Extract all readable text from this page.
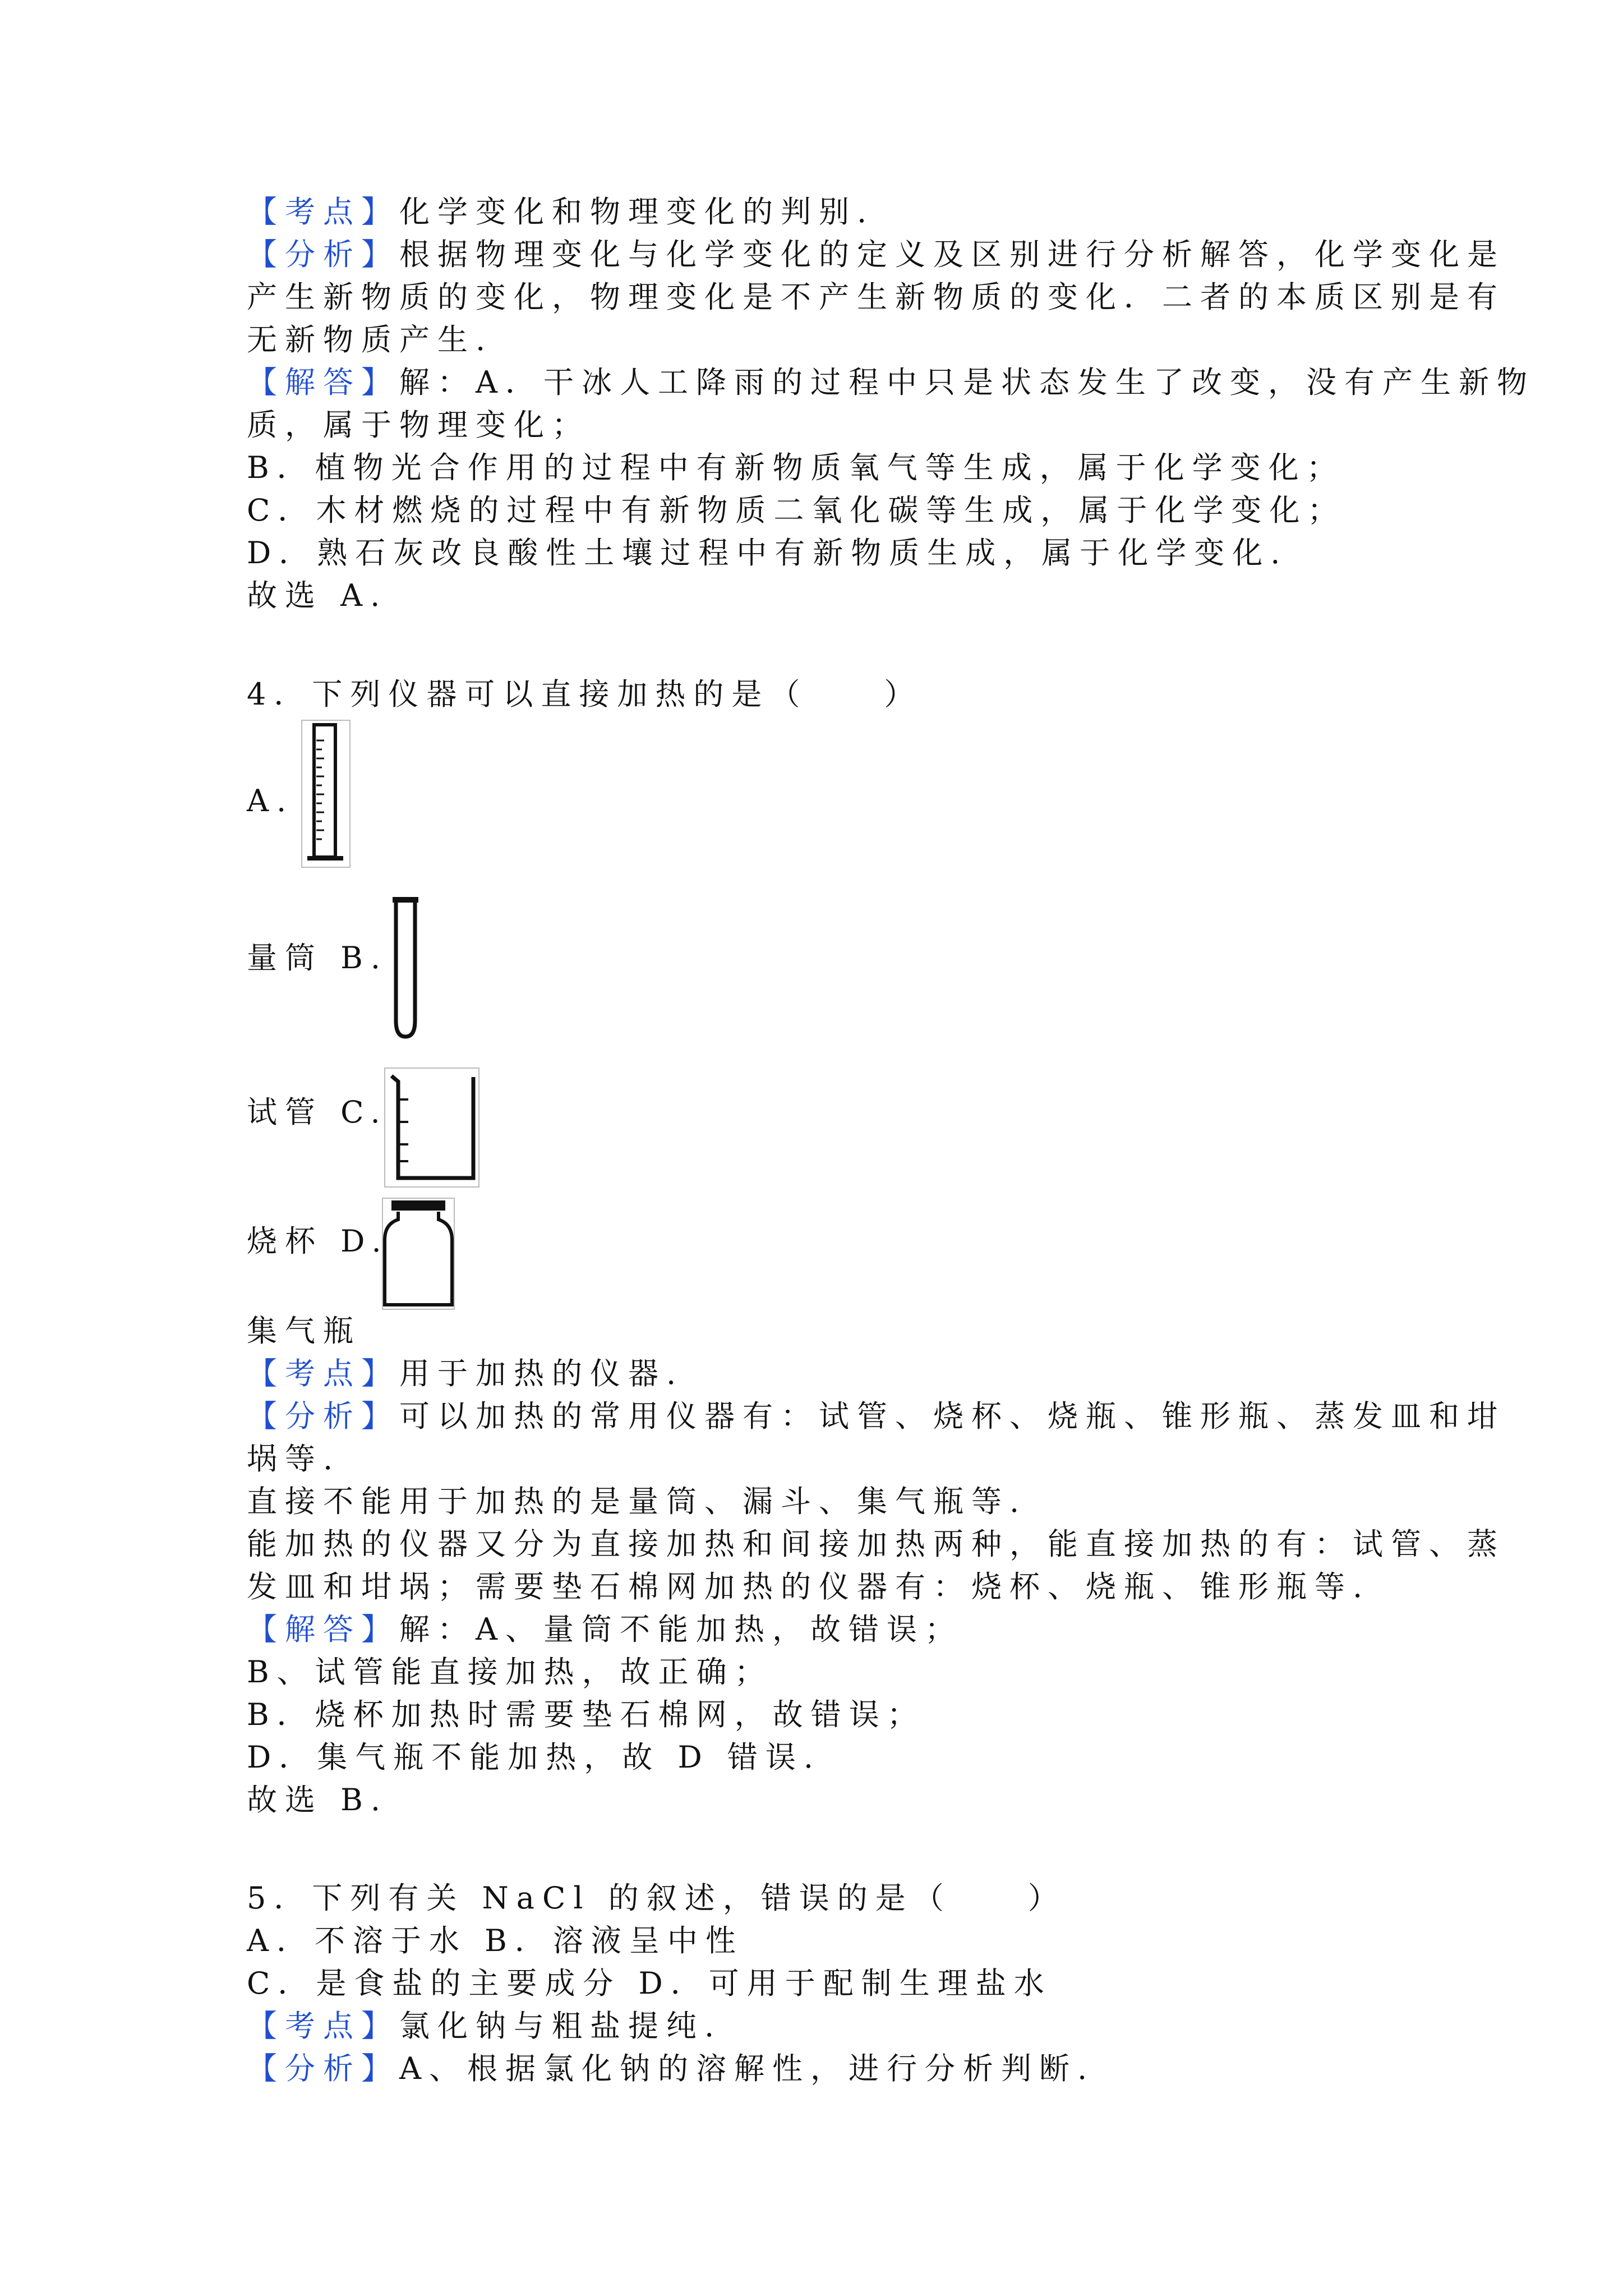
【考点】化学变化和物理变化的判别.
【分析】根据物理变化与化学变化的定义及区别进行分析解答，化学变化是
产生新物质的变化，物理变化是不产生新物质的变化．二者的本质区别是有
无新物质产生.
【解答】解：A．干冰人工降雨的过程中只是状态发生了改变，没有产生新物
质，属于物理变化；
B．植物光合作用的过程中有新物质氧气等生成，属于化学变化；
C．木材燃烧的过程中有新物质二氧化碳等生成，属于化学变化；
D．熟石灰改良酸性土壤过程中有新物质生成，属于化学变化.
故选 A.
4．下列仪器可以直接加热的是（　　）
A.
量筒 B.
试管 C.
烧杯 D.
集气瓶
【考点】用于加热的仪器.
【分析】可以加热的常用仪器有：试管、烧杯、烧瓶、锥形瓶、蒸发皿和坩
埚等.
直接不能用于加热的是量筒、漏斗、集气瓶等.
能加热的仪器又分为直接加热和间接加热两种，能直接加热的有：试管、蒸
发皿和坩埚；需要垫石棉网加热的仪器有：烧杯、烧瓶、锥形瓶等.
【解答】解：A、量筒不能加热，故错误；
B、试管能直接加热，故正确；
B．烧杯加热时需要垫石棉网，故错误；
D．集气瓶不能加热，故 D 错误.
故选 B.
5．下列有关 NaCl 的叙述，错误的是（　　）
A．不溶于水 B．溶液呈中性
C．是食盐的主要成分 D．可用于配制生理盐水
【考点】氯化钠与粗盐提纯.
【分析】A、根据氯化钠的溶解性，进行分析判断.
